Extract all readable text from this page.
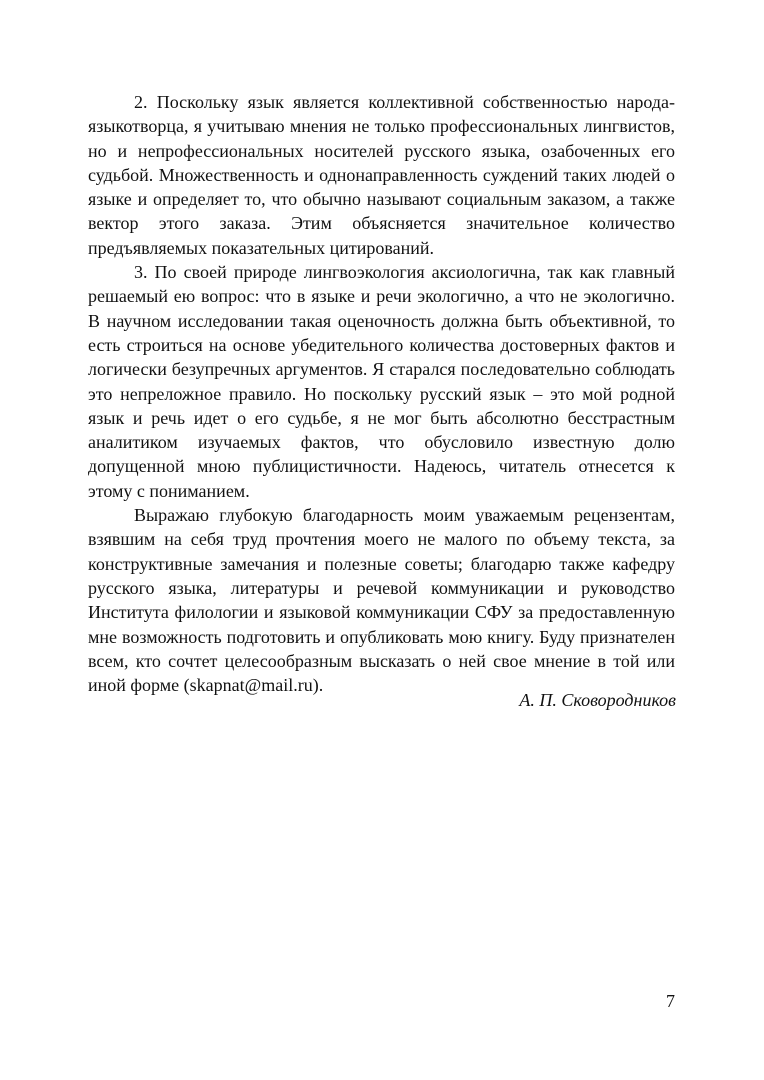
2. Поскольку язык является коллективной собственностью народа-языкотворца, я учитываю мнения не только профессиональных лингвистов, но и непрофессиональных носителей русского языка, озабоченных его судьбой. Множественность и однонаправленность суждений таких людей о языке и определяет то, что обычно называют социальным заказом, а также вектор этого заказа. Этим объясняется значительное количество предъявляемых показательных цитирований.

3. По своей природе лингвоэкология аксиологична, так как главный решаемый ею вопрос: что в языке и речи экологично, а что не экологично. В научном исследовании такая оценочность должна быть объективной, то есть строиться на основе убедительного количества достоверных фактов и логически безупречных аргументов. Я старался последовательно соблюдать это непреложное правило. Но поскольку русский язык – это мой родной язык и речь идет о его судьбе, я не мог быть абсолютно бесстрастным аналитиком изучаемых фактов, что обусловило известную долю допущенной мною публицистичности. Надеюсь, читатель отнесется к этому с пониманием.

Выражаю глубокую благодарность моим уважаемым рецензентам, взявшим на себя труд прочтения моего не малого по объему текста, за конструктивные замечания и полезные советы; благодарю также кафедру русского языка, литературы и речевой коммуникации и руководство Института филологии и языковой коммуникации СФУ за предоставленную мне возможность подготовить и опубликовать мою книгу. Буду признателен всем, кто сочтет целесообразным высказать о ней свое мнение в той или иной форме (skapnat@mail.ru).

А. П. Сковородников

7
